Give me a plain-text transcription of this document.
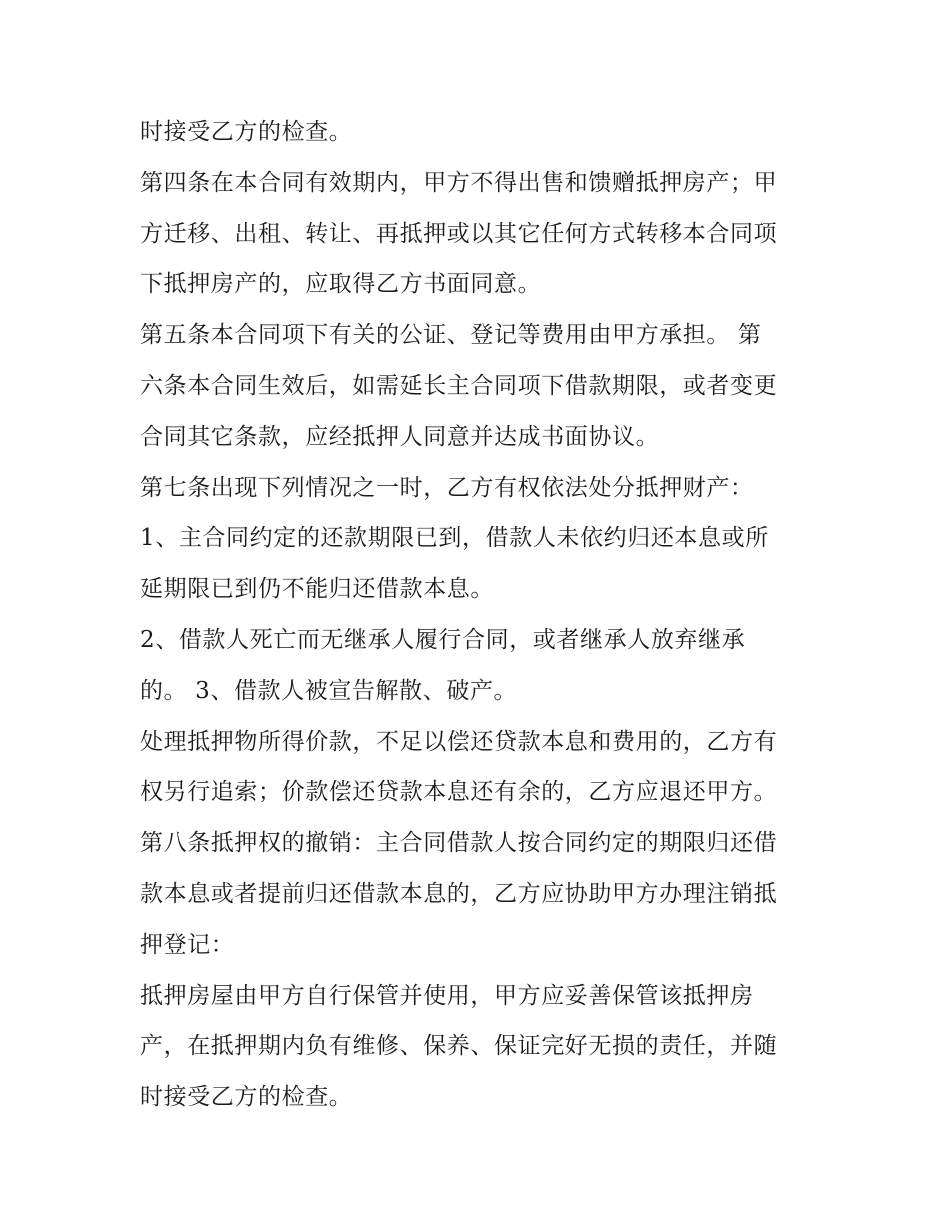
时接受乙方的检查。
第四条在本合同有效期内，甲方不得出售和馈赠抵押房产；甲
方迁移、出租、转让、再抵押或以其它任何方式转移本合同项
下抵押房产的，应取得乙方书面同意。
第五条本合同项下有关的公证、登记等费用由甲方承担。 第
六条本合同生效后，如需延长主合同项下借款期限，或者变更
合同其它条款，应经抵押人同意并达成书面协议。
第七条出现下列情况之一时，乙方有权依法处分抵押财产：
1、主合同约定的还款期限已到，借款人未依约归还本息或所
延期限已到仍不能归还借款本息。
2、借款人死亡而无继承人履行合同，或者继承人放弃继承
的。 3、借款人被宣告解散、破产。
处理抵押物所得价款，不足以偿还贷款本息和费用的，乙方有
权另行追索；价款偿还贷款本息还有余的，乙方应退还甲方。
第八条抵押权的撤销：主合同借款人按合同约定的期限归还借
款本息或者提前归还借款本息的，乙方应协助甲方办理注销抵
押登记：
抵押房屋由甲方自行保管并使用，甲方应妥善保管该抵押房
产，在抵押期内负有维修、保养、保证完好无损的责任，并随
时接受乙方的检查。
